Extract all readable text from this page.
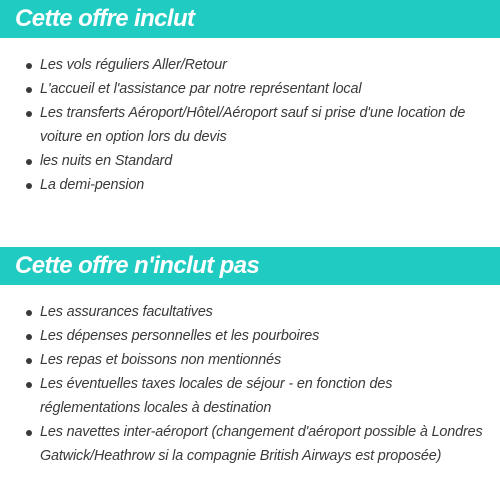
Cette offre inclut
Les vols réguliers Aller/Retour
L'accueil et l'assistance par notre représentant local
Les transferts Aéroport/Hôtel/Aéroport sauf si prise d'une location de voiture en option lors du devis
les nuits en Standard
La demi-pension
Cette offre n'inclut pas
Les assurances facultatives
Les dépenses personnelles et les pourboires
Les repas et boissons non mentionnés
Les éventuelles taxes locales de séjour - en fonction des réglementations locales à destination
Les navettes inter-aéroport (changement d'aéroport possible à Londres Gatwick/Heathrow si la compagnie British Airways est proposée)
